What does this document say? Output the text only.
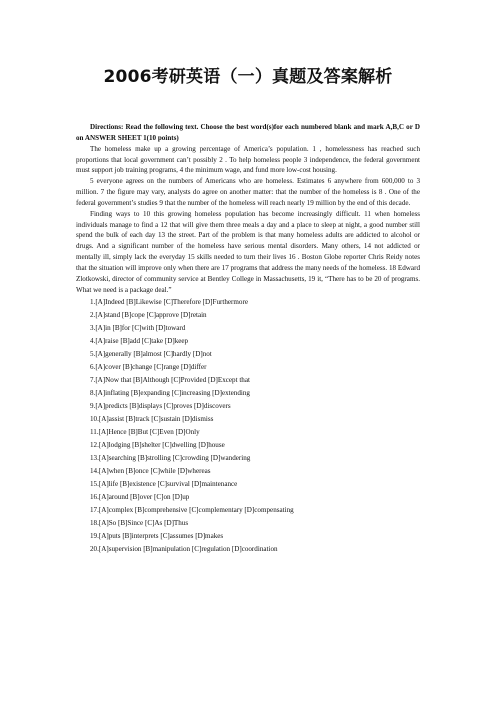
2006考研英语（一）真题及答案解析

Directions: Read the following text. Choose the best word(s)for each numbered blank and mark A,B,C or D on ANSWER SHEET 1(10 points)

The homeless make up a growing percentage of America’s population. 1 , homelessness has reached such proportions that local government can’t possibly 2 . To help homeless people 3 independence, the federal government must support job training programs, 4 the minimum wage, and fund more low-cost housing.

5 everyone agrees on the numbers of Americans who are homeless. Estimates 6 anywhere from 600,000 to 3 million. 7 the figure may vary, analysts do agree on another matter: that the number of the homeless is 8 . One of the federal government’s studies 9 that the number of the homeless will reach nearly 19 million by the end of this decade.

Finding ways to 10 this growing homeless population has become increasingly difficult. 11 when homeless individuals manage to find a 12 that will give them three meals a day and a place to sleep at night, a good number still spend the bulk of each day 13 the street. Part of the problem is that many homeless adults are addicted to alcohol or drugs. And a significant number of the homeless have serious mental disorders. Many others, 14 not addicted or mentally ill, simply lack the everyday 15 skills needed to turn their lives 16 . Boston Globe reporter Chris Reidy notes that the situation will improve only when there are 17 programs that address the many needs of the homeless. 18 Edward Zlotkowski, director of community service at Bentley College in Massachusetts, 19 it, “There has to be 20 of programs. What we need is a package deal.”

1.[A]Indeed [B]Likewise [C]Therefore [D]Furthermore
2.[A]stand [B]cope [C]approve [D]retain
3.[A]in [B]for [C]with [D]toward
4.[A]raise [B]add [C]take [D]keep
5.[A]generally [B]almost [C]hardly [D]not
6.[A]cover [B]change [C]range [D]differ
7.[A]Now that [B]Although [C]Provided [D]Except that
8.[A]inflating [B]expanding [C]increasing [D]extending
9.[A]predicts [B]displays [C]proves [D]discovers
10.[A]assist [B]track [C]sustain [D]dismiss
11.[A]Hence [B]But [C]Even [D]Only
12.[A]lodging [B]shelter [C]dwelling [D]house
13.[A]searching [B]strolling [C]crowding [D]wandering
14.[A]when [B]once [C]while [D]whereas
15.[A]life [B]existence [C]survival [D]maintenance
16.[A]around [B]over [C]on [D]up
17.[A]complex [B]comprehensive [C]complementary [D]compensating
18.[A]So [B]Since [C]As [D]Thus
19.[A]puts [B]interprets [C]assumes [D]makes
20.[A]supervision [B]manipulation [C]regulation [D]coordination
